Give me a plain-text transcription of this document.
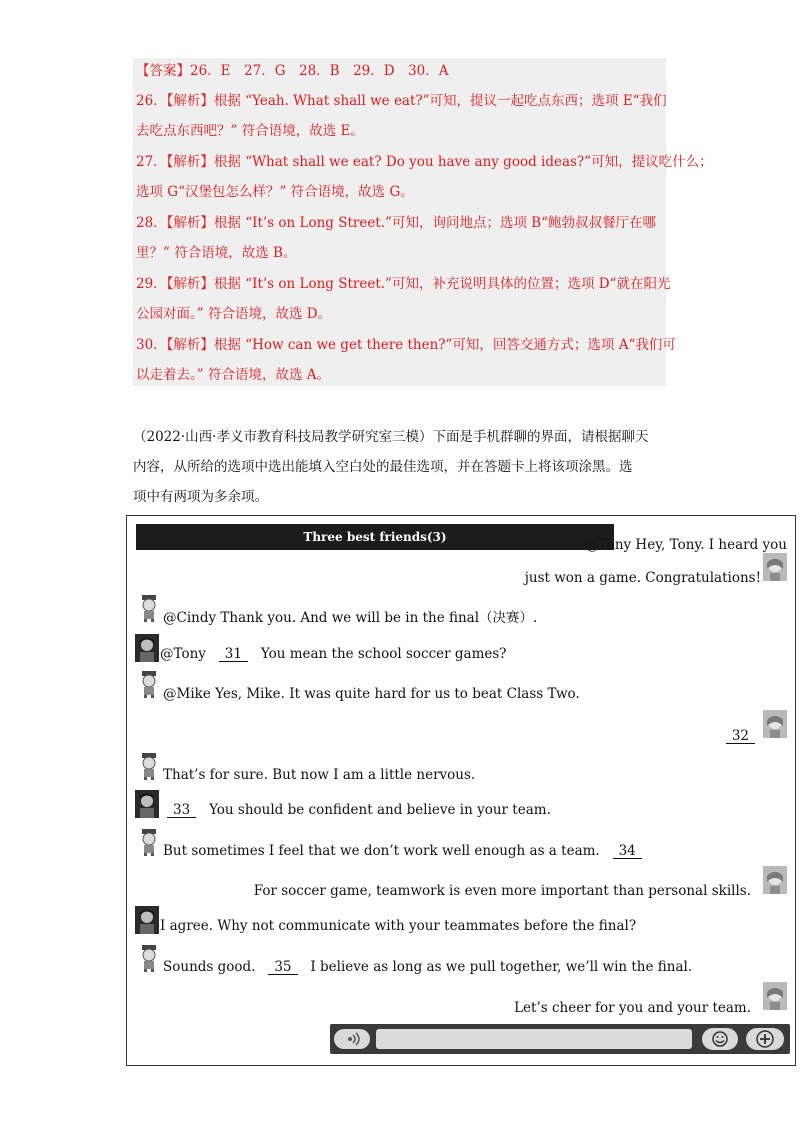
【答案】26．E　27．G　28．B　29．D　30．A
26．【解析】根据 “Yeah. What shall we eat?”可知，提议一起吃点东西；选项 E“我们
去吃点东西吧？” 符合语境，故选 E。
27．【解析】根据 “What shall we eat? Do you have any good ideas?”可知，提议吃什么；
选项 G“汉堡包怎么样？” 符合语境，故选 G。
28．【解析】根据 “It’s on Long Street.”可知，询问地点；选项 B“鲍勃叔叔餐厅在哪
里？” 符合语境，故选 B。
29．【解析】根据 “It’s on Long Street.”可知，补充说明具体的位置；选项 D“就在阳光
公园对面。” 符合语境，故选 D。
30．【解析】根据 “How can we get there then?”可知，回答交通方式；选项 A“我们可
以走着去。” 符合语境，故选 A。
（2022·山西·孝义市教育科技局教学研究室三模）下面是手机群聊的界面，请根据聊天
内容，从所给的选项中选出能填入空白处的最佳选项，并在答题卡上将该项涂黑。选
项中有两项为多余项。
Three best friends(3)	@Tony Hey, Tony. I heard you
just won a game. Congratulations!
@Cindy Thank you. And we will be in the final（决赛）.
@Tony 31 You mean the school soccer games?
@Mike Yes, Mike. It was quite hard for us to beat Class Two.
32
That’s for sure. But now I am a little nervous.
33 You should be confident and believe in your team.
But sometimes I feel that we don’t work well enough as a team. 34
For soccer game, teamwork is even more important than personal skills.
I agree. Why not communicate with your teammates before the final?
Sounds good. 35 I believe as long as we pull together, we’ll win the final.
Let’s cheer for you and your team.
